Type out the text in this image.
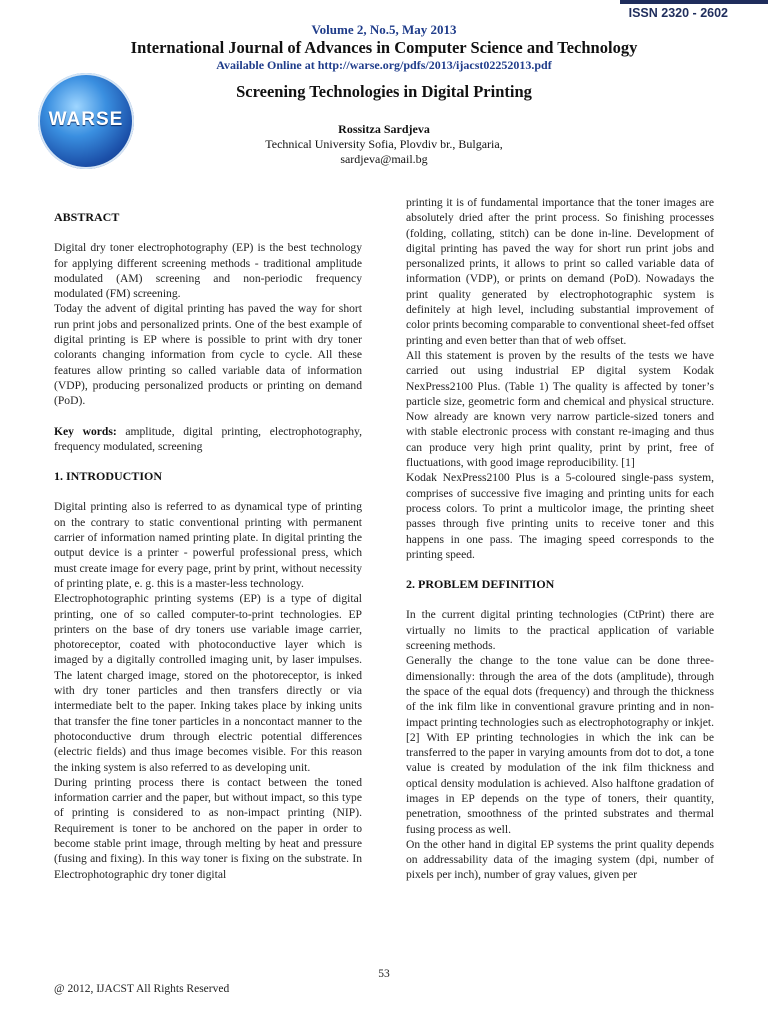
ISSN 2320 - 2602
WARSE
Volume 2, No.5, May 2013
International Journal of Advances in Computer Science and Technology
Available Online at http://warse.org/pdfs/2013/ijacst02252013.pdf
Screening Technologies in Digital Printing
Rossitza Sardjeva
Technical University Sofia, Plovdiv br., Bulgaria,
sardjeva@mail.bg

ABSTRACT

Digital dry toner electrophotography (EP) is the best technology for applying different screening methods - traditional amplitude modulated (AM) screening and non-periodic frequency modulated (FM) screening.

Today the advent of digital printing has paved the way for short run print jobs and personalized prints. One of the best example of digital printing is EP where is possible to print with dry toner colorants changing information from cycle to cycle. All these features allow printing so called variable data of information (VDP), producing personalized products or printing on demand (PoD).

Key words: amplitude, digital printing, electrophotography, frequency modulated, screening

1. INTRODUCTION

Digital printing also is referred to as dynamical type of printing on the contrary to static conventional printing with permanent carrier of information named printing plate. In digital printing the output device is a printer - powerful professional press, which must create image for every page, print by print, without necessity of printing plate, e. g. this is a master-less technology.

Electrophotographic printing systems (EP) is a type of digital printing, one of so called computer-to-print technologies. EP printers on the base of dry toners use variable image carrier, photoreceptor, coated with photoconductive layer which is imaged by a digitally controlled imaging unit, by laser impulses. The latent charged image, stored on the photoreceptor, is inked with dry toner particles and then transfers directly or via intermediate belt to the paper. Inking takes place by inking units that transfer the fine toner particles in a noncontact manner to the photoconductive drum through electric potential differences (electric fields) and thus image becomes visible. For this reason the inking system is also referred to as developing unit.

During printing process there is contact between the toned information carrier and the paper, but without impact, so this type of printing is considered to as non-impact printing (NIP). Requirement is toner to be anchored on the paper in order to become stable print image, through melting by heat and pressure (fusing and fixing). In this way toner is fixing on the substrate. In Electrophotographic dry toner digital

printing it is of fundamental importance that the toner images are absolutely dried after the print process. So finishing processes (folding, collating, stitch) can be done in-line. Development of digital printing has paved the way for short run print jobs and personalized prints, it allows to print so called variable data of information (VDP), or prints on demand (PoD). Nowadays the print quality generated by electrophotographic system is definitely at high level, including substantial improvement of color prints becoming comparable to conventional sheet-fed offset printing and even better than that of web offset.

All this statement is proven by the results of the tests we have carried out using industrial EP digital system Kodak NexPress2100 Plus. (Table 1) The quality is affected by toner’s particle size, geometric form and chemical and physical structure. Now already are known very narrow particle-sized toners and with stable electronic process with constant re-imaging and thus can produce very high print quality, print by print, free of fluctuations, with good image reproducibility. [1]

Kodak NexPress2100 Plus is a 5-coloured single-pass system, comprises of successive five imaging and printing units for each process colors. To print a multicolor image, the printing sheet passes through five printing units to receive toner and this happens in one pass. The imaging speed corresponds to the printing speed.

2. PROBLEM DEFINITION

In the current digital printing technologies (CtPrint) there are virtually no limits to the practical application of variable screening methods.

Generally the change to the tone value can be done three-dimensionally: through the area of the dots (amplitude), through the space of the equal dots (frequency) and through the thickness of the ink film like in conventional gravure printing and in non-impact printing technologies such as electrophotography or inkjet. [2] With EP printing technologies in which the ink can be transferred to the paper in varying amounts from dot to dot, a tone value is created by modulation of the ink film thickness and optical density modulation is achieved. Also halftone gradation of images in EP depends on the type of toners, their quantity, penetration, smoothness of the printed substrates and thermal fusing process as well.

On the other hand in digital EP systems the print quality depends on addressability data of the imaging system (dpi, number of pixels per inch), number of gray values, given per

53
@ 2012, IJACST All Rights Reserved
